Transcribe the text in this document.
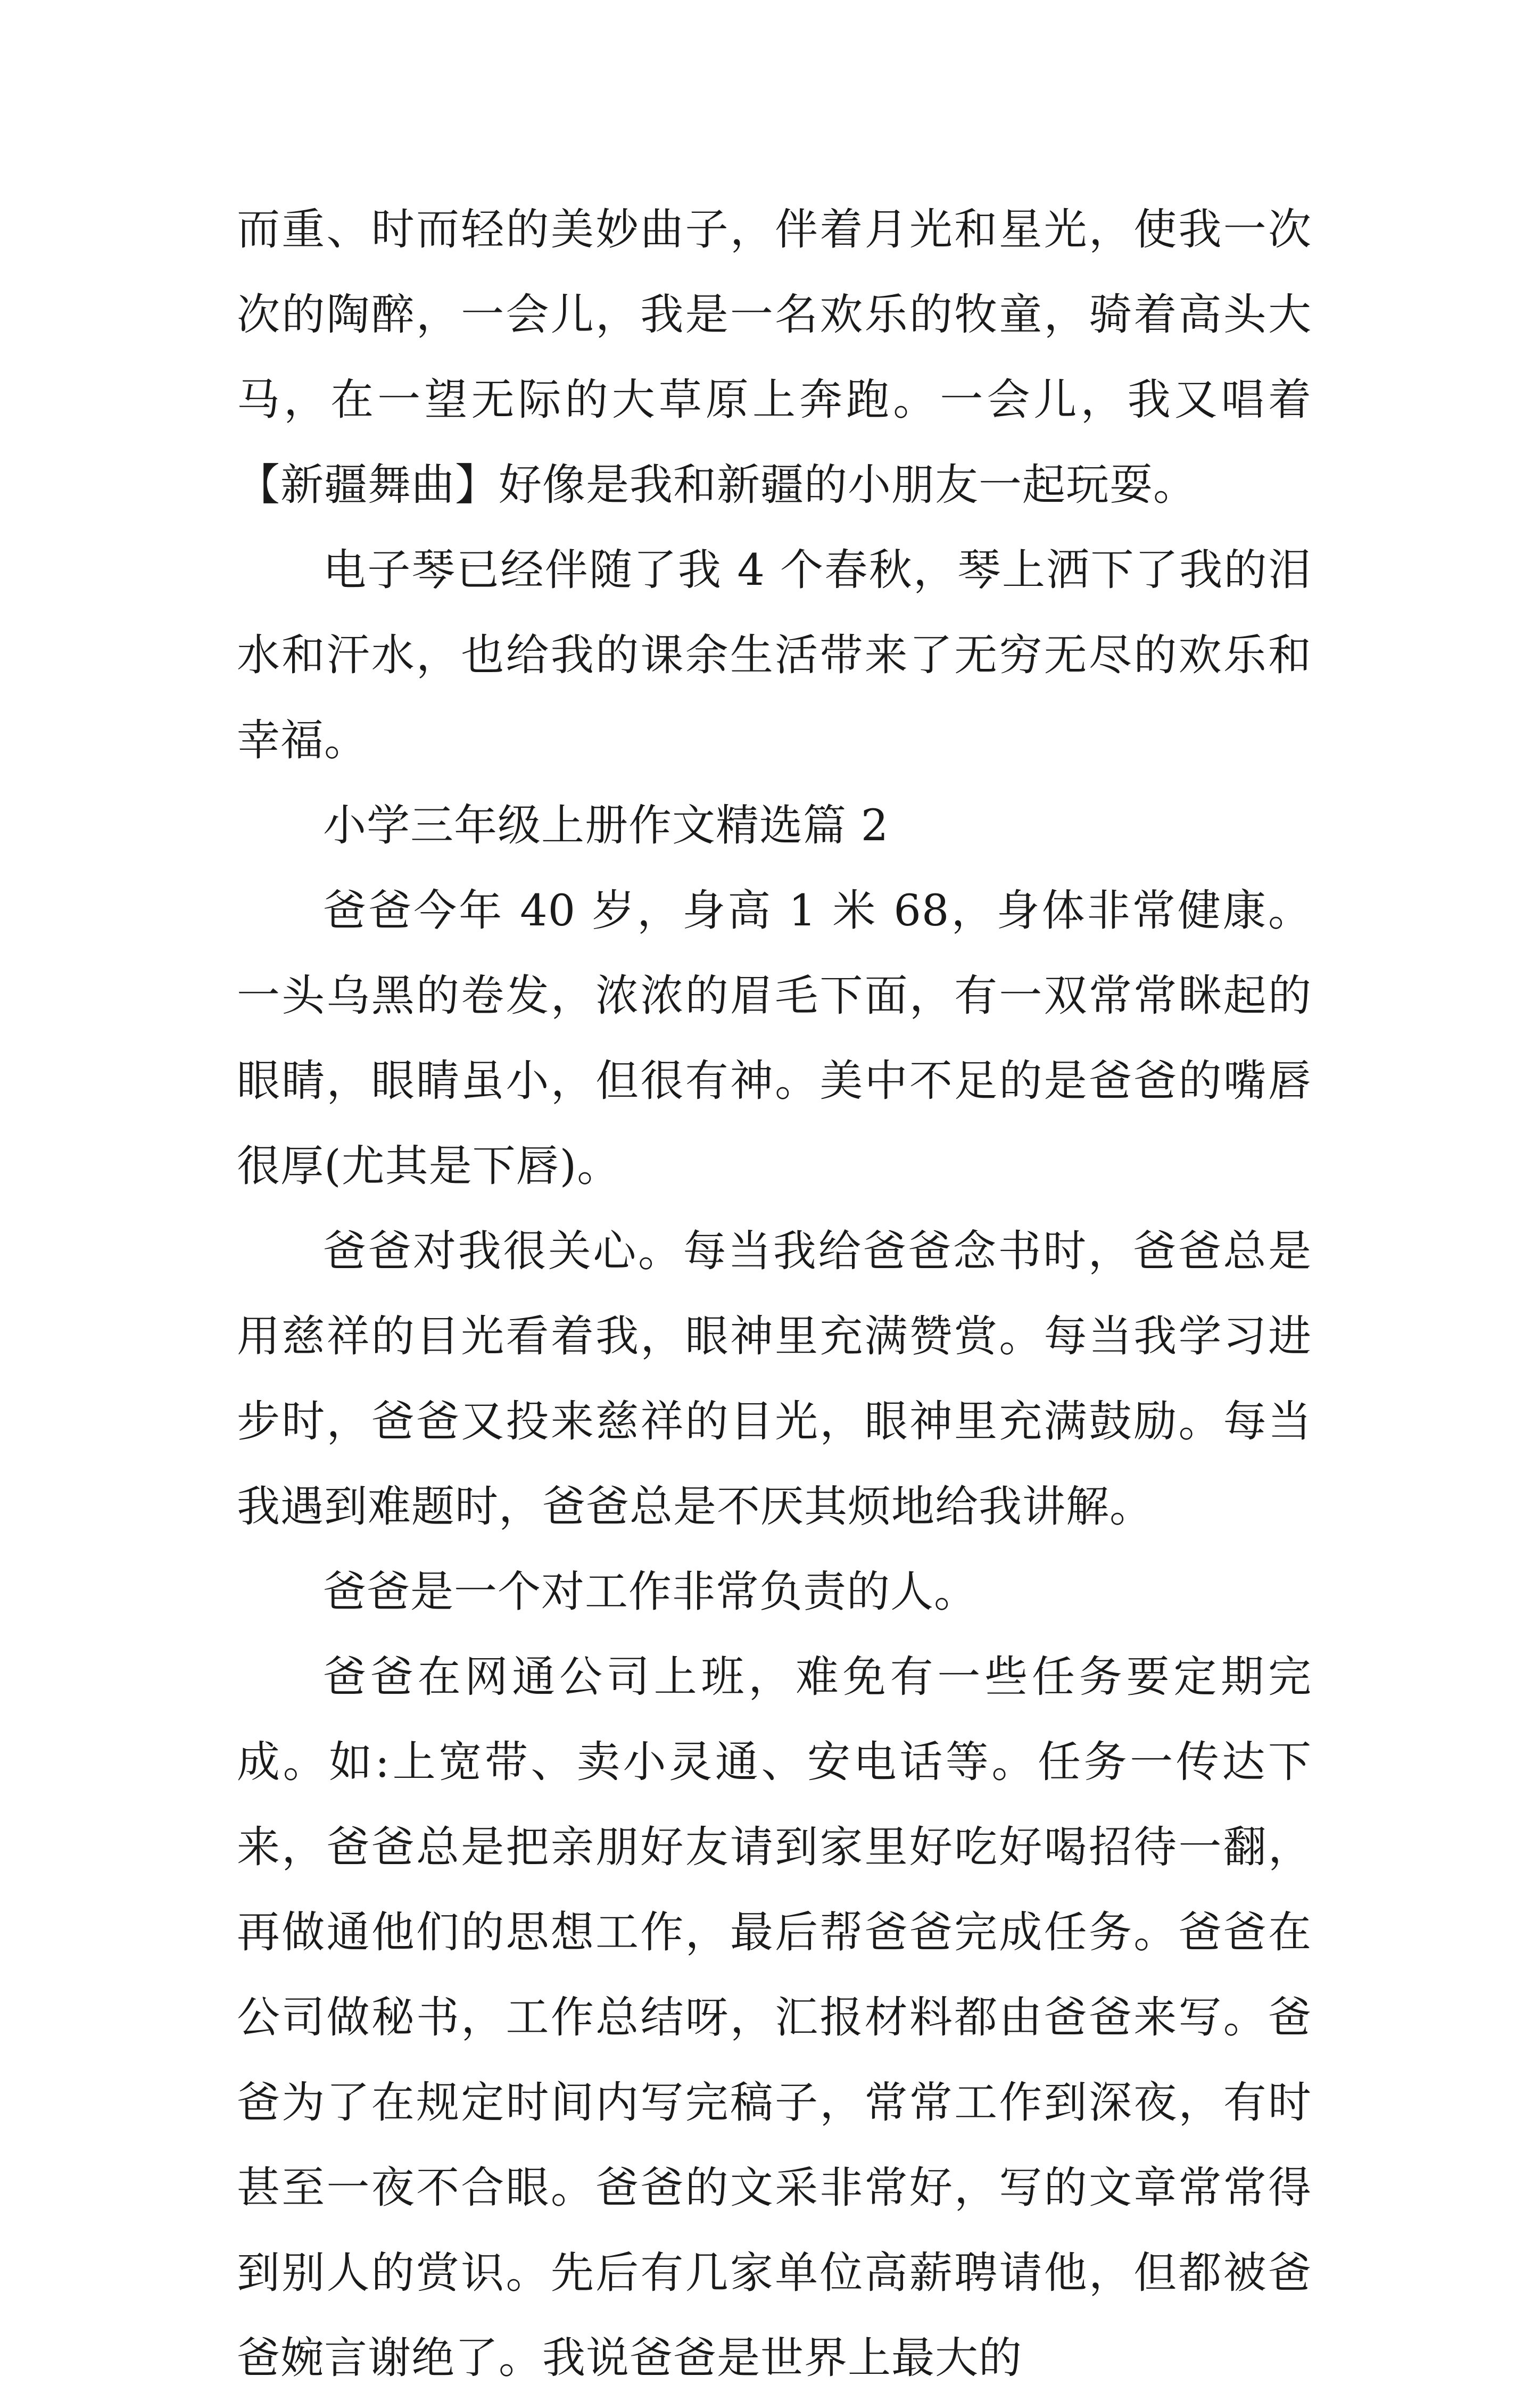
而重、时而轻的美妙曲子，伴着月光和星光，使我一次次的陶醉，一会儿，我是一名欢乐的牧童，骑着高头大马，在一望无际的大草原上奔跑。一会儿，我又唱着【新疆舞曲】好像是我和新疆的小朋友一起玩耍。

电子琴已经伴随了我 4 个春秋，琴上洒下了我的泪水和汗水，也给我的课余生活带来了无穷无尽的欢乐和幸福。

小学三年级上册作文精选篇 2

爸爸今年 40 岁，身高 1 米 68，身体非常健康。一头乌黑的卷发，浓浓的眉毛下面，有一双常常眯起的眼睛，眼睛虽小，但很有神。美中不足的是爸爸的嘴唇很厚(尤其是下唇)。

爸爸对我很关心。每当我给爸爸念书时，爸爸总是用慈祥的目光看着我，眼神里充满赞赏。每当我学习进步时，爸爸又投来慈祥的目光，眼神里充满鼓励。每当我遇到难题时，爸爸总是不厌其烦地给我讲解。

爸爸是一个对工作非常负责的人。

爸爸在网通公司上班，难免有一些任务要定期完成。如:上宽带、卖小灵通、安电话等。任务一传达下来，爸爸总是把亲朋好友请到家里好吃好喝招待一翻，再做通他们的思想工作，最后帮爸爸完成任务。爸爸在公司做秘书，工作总结呀，汇报材料都由爸爸来写。爸爸为了在规定时间内写完稿子，常常工作到深夜，有时甚至一夜不合眼。爸爸的文采非常好，写的文章常常得到别人的赏识。先后有几家单位高薪聘请他，但都被爸爸婉言谢绝了。我说爸爸是世界上最大的
